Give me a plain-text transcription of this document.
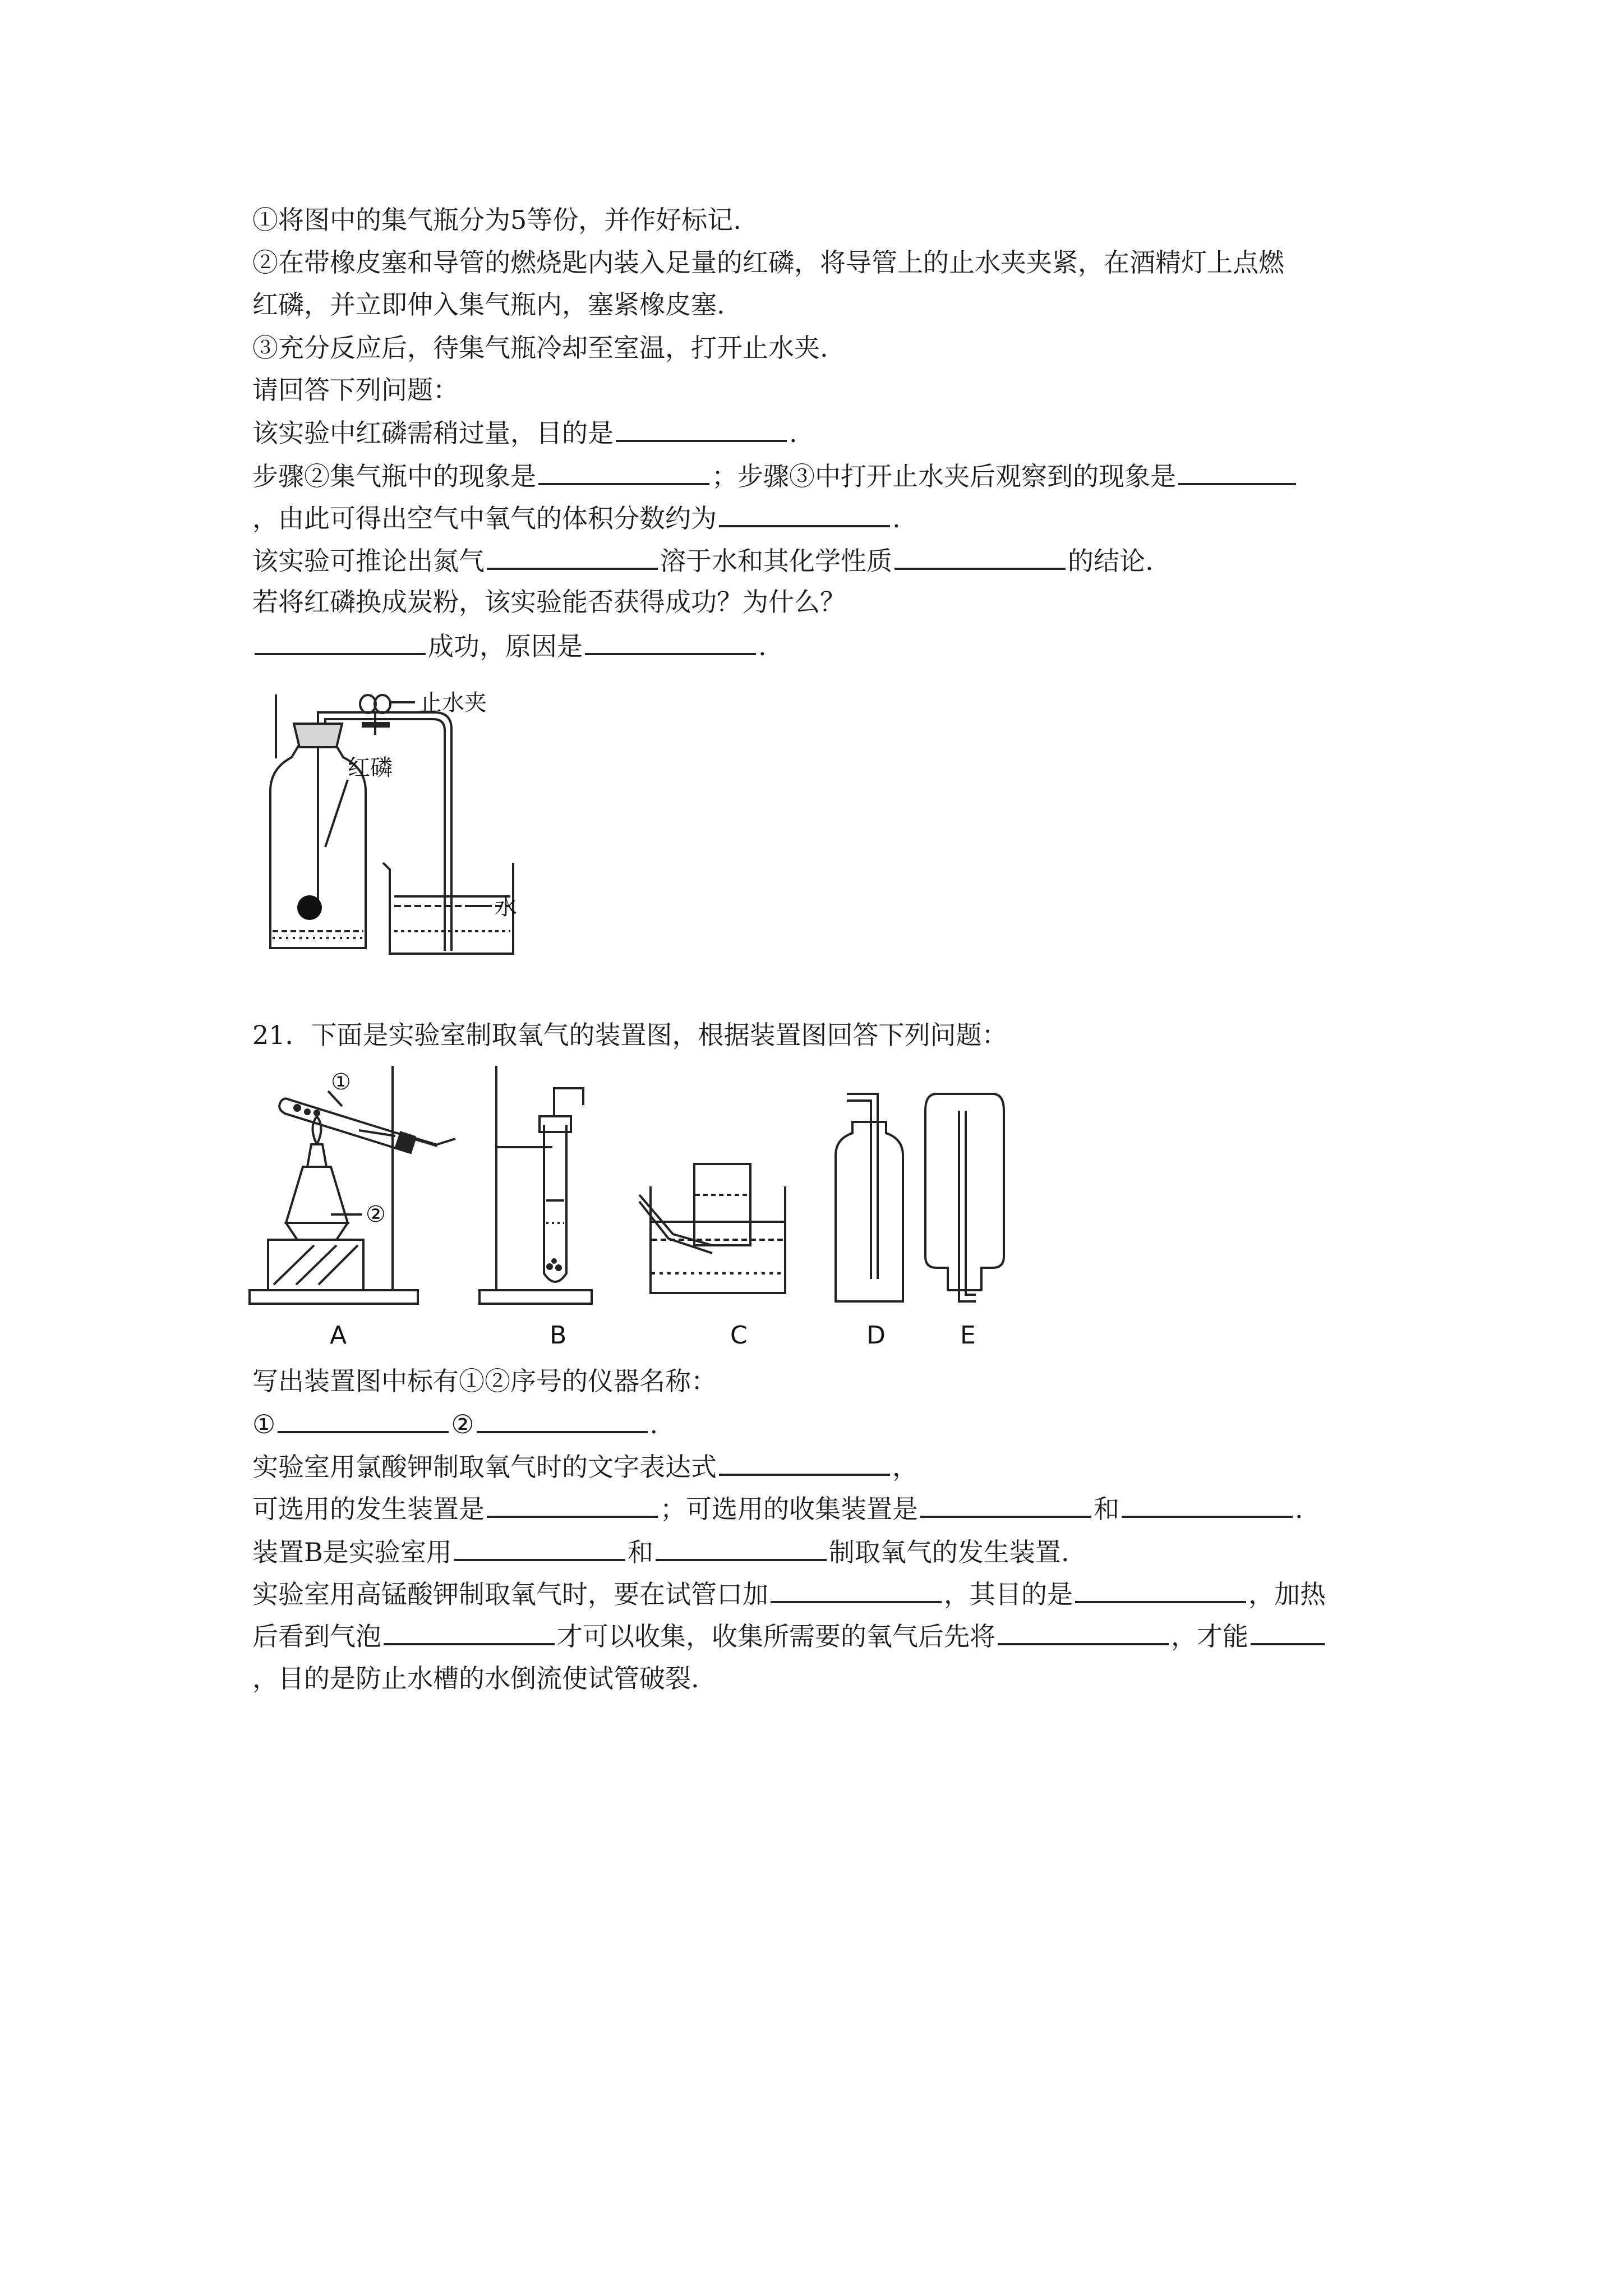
①将图中的集气瓶分为5等份，并作好标记.
②在带橡皮塞和导管的燃烧匙内装入足量的红磷，将导管上的止水夹夹紧，在酒精灯上点燃
红磷，并立即伸入集气瓶内，塞紧橡皮塞.
③充分反应后，待集气瓶冷却至室温，打开止水夹.
请回答下列问题：
该实验中红磷需稍过量，目的是	.
步骤②集气瓶中的现象是	；步骤③中打开止水夹后观察到的现象是
，由此可得出空气中氧气的体积分数约为	.
该实验可推论出氮气	溶于水和其化学性质	的结论.
若将红磷换成炭粉，该实验能否获得成功？为什么？
成功，原因是	.
止水夹
红磷
水
21．下面是实验室制取氧气的装置图，根据装置图回答下列问题：
①
②
A	B	C	D	E
写出装置图中标有①②序号的仪器名称：
①	②	.
实验室用氯酸钾制取氧气时的文字表达式	，
可选用的发生装置是	；可选用的收集装置是	和	.
装置B是实验室用	和	制取氧气的发生装置.
实验室用高锰酸钾制取氧气时，要在试管口加	，其目的是	，加热
后看到气泡	才可以收集，收集所需要的氧气后先将	，才能
，目的是防止水槽的水倒流使试管破裂.
